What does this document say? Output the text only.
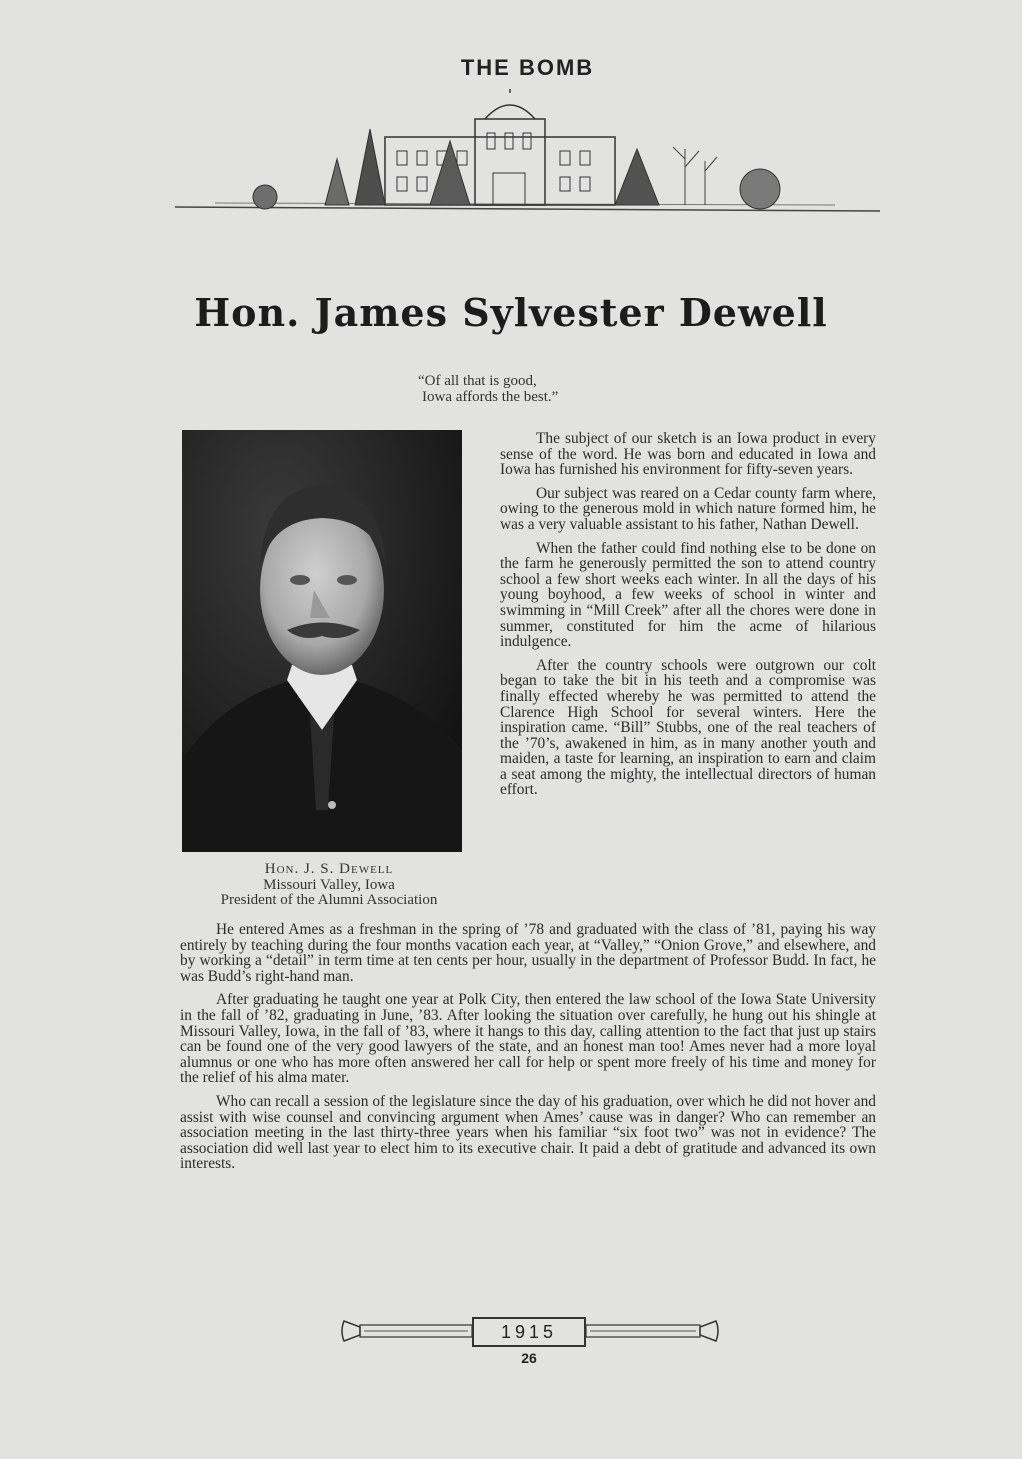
THE BOMB
Hon. James Sylvester Dewell
“Of all that is good,
Iowa affords the best.”
Hon. J. S. Dewell
Missouri Valley, Iowa
President of the Alumni Association

The subject of our sketch is an Iowa product in every sense of the word. He was born and educated in Iowa and Iowa has furnished his environment for fifty-seven years.

Our subject was reared on a Cedar county farm where, owing to the generous mold in which nature formed him, he was a very valuable assistant to his father, Nathan Dewell.

When the father could find nothing else to be done on the farm he generously permitted the son to attend country school a few short weeks each winter. In all the days of his young boyhood, a few weeks of school in winter and swimming in “Mill Creek” after all the chores were done in summer, constituted for him the acme of hilarious indulgence.

After the country schools were outgrown our colt began to take the bit in his teeth and a compromise was finally effected whereby he was permitted to attend the Clarence High School for several winters. Here the inspiration came. “Bill” Stubbs, one of the real teachers of the ’70’s, awakened in him, as in many another youth and maiden, a taste for learning, an inspiration to earn and claim a seat among the mighty, the intellectual directors of human effort.

He entered Ames as a freshman in the spring of ’78 and graduated with the class of ’81, paying his way entirely by teaching during the four months vacation each year, at “Valley,” “Onion Grove,” and elsewhere, and by working a “detail” in term time at ten cents per hour, usually in the department of Professor Budd. In fact, he was Budd’s right-hand man.

After graduating he taught one year at Polk City, then entered the law school of the Iowa State University in the fall of ’82, graduating in June, ’83. After looking the situation over carefully, he hung out his shingle at Missouri Valley, Iowa, in the fall of ’83, where it hangs to this day, calling attention to the fact that just up stairs can be found one of the very good lawyers of the state, and an honest man too! Ames never had a more loyal alumnus or one who has more often answered her call for help or spent more freely of his time and money for the relief of his alma mater.

Who can recall a session of the legislature since the day of his graduation, over which he did not hover and assist with wise counsel and convincing argument when Ames’ cause was in danger? Who can remember an association meeting in the last thirty-three years when his familiar “six foot two” was not in evidence? The association did well last year to elect him to its executive chair. It paid a debt of gratitude and advanced its own interests.

1915
26
